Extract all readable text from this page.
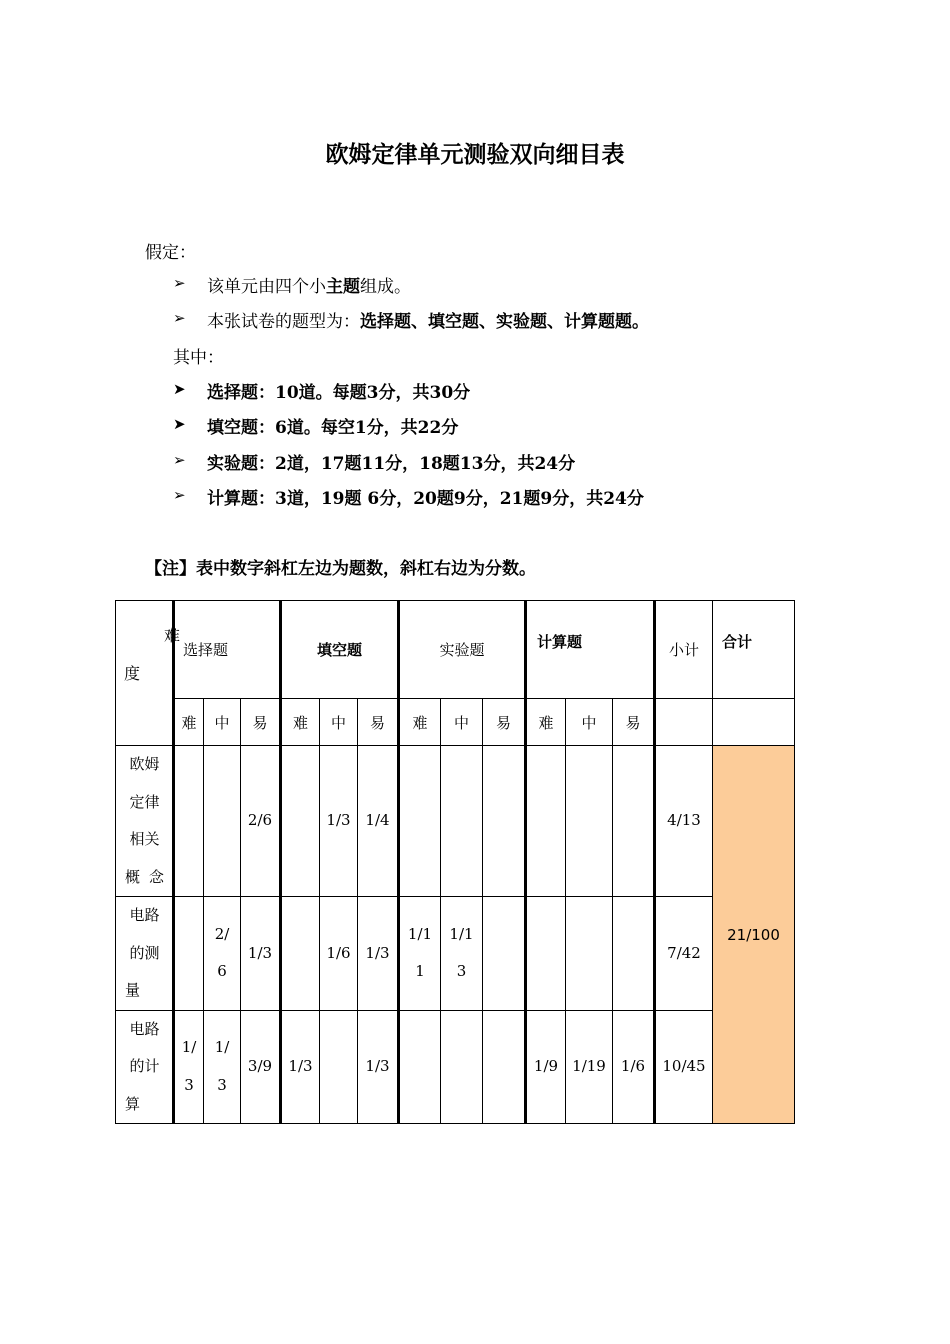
欧姆定律单元测验双向细目表
假定：
➢ 该单元由四个小主题组成。
➢ 本张试卷的题型为：选择题、填空题、实验题、计算题题。
其中：
➤ 选择题：10道。每题3分，共30分
➤ 填空题：6道。每空1分，共22分
➢ 实验题：2道，17题11分，18题13分，共24分
➢ 计算题：3道，19题 6分，20题9分，21题9分，共24分
【注】表中数字斜杠左边为题数，斜杠右边为分数。
难
度	选择题			填空题			实验题			计算题			小计	合计
	难	中	易	难	中	易	难	中	易	难	中	易		
欧姆定律相关概念			2/6		1/3	1/4							4/13	21/100
电路的测量		2/6	1/3		1/6	1/3	1/11	1/13					7/42	
电路的计算	1/3	1/3	3/9	1/3		1/3				1/9	1/19	1/6	10/45	
